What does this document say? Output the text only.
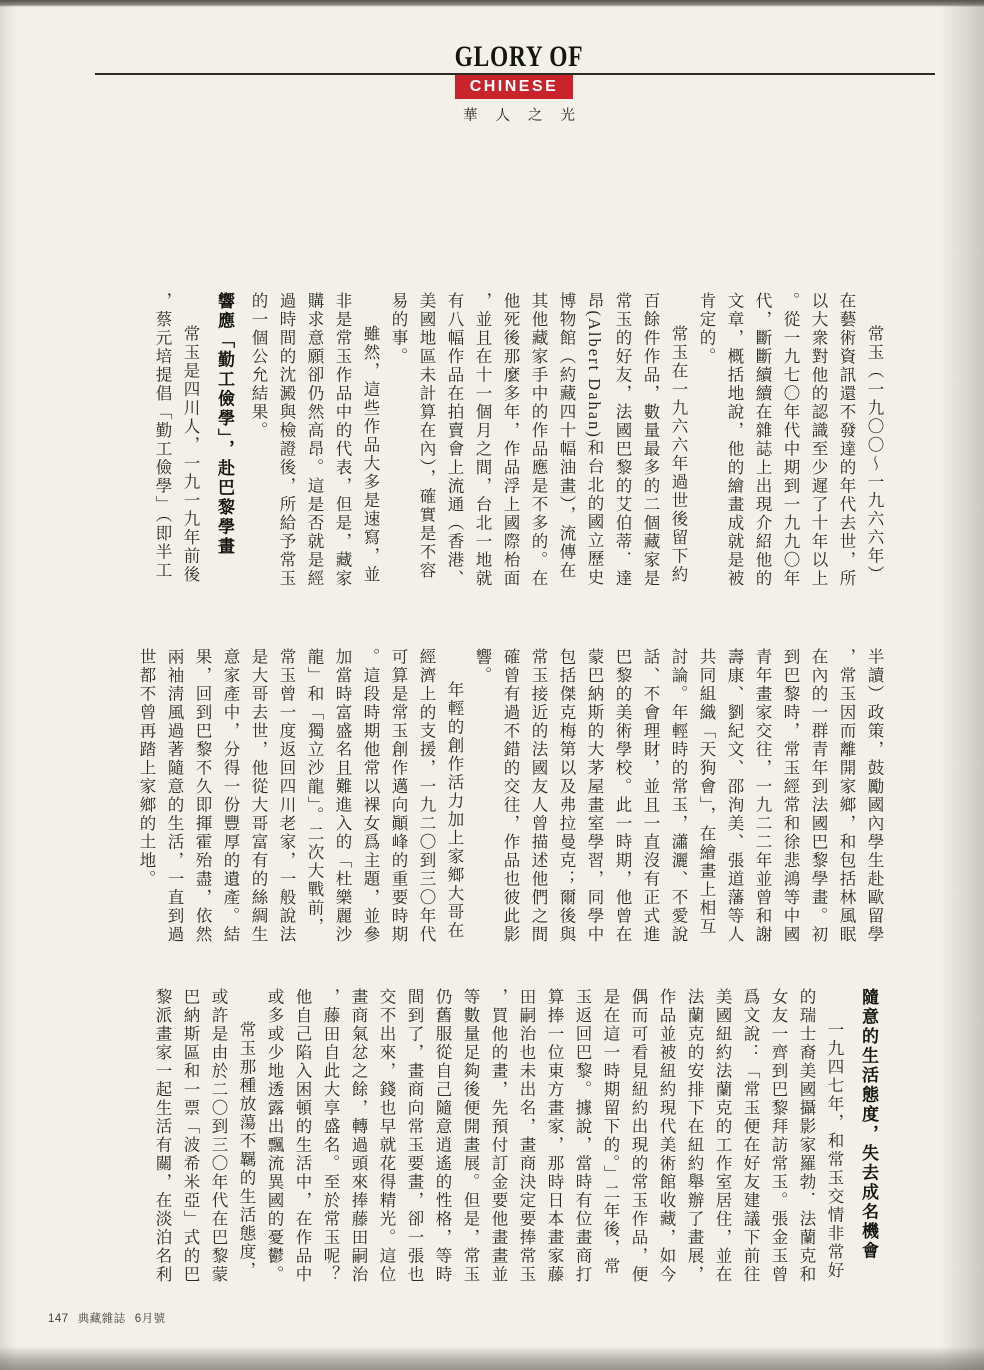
GLORY OF
CHINESE
華人之光

常玉（一九〇〇～一九六六年）在藝術資訊還不發達的年代去世，所以大衆對他的認識至少遲了十年以上。從一九七〇年代中期到一九九〇年代，斷斷續續在雜誌上出現介紹他的文章，概括地說，他的繪畫成就是被肯定的。

常玉在一九六六年過世後留下約百餘件作品，數量最多的二個藏家是常玉的好友，法國巴黎的艾伯蒂．達昂(Albert Dahan)和台北的國立歷史博物館（約藏四十幅油畫），流傳在其他藏家手中的作品應是不多的。在他死後那麼多年，作品浮上國際枱面，並且在十一個月之間，台北一地就有八幅作品在拍賣會上流通（香港、美國地區未計算在內），確實是不容易的事。

雖然，這些作品大多是速寫，並非是常玉作品中的代表，但是，藏家購求意願卻仍然高昂。這是否就是經過時間的沈澱與檢證後，所給予常玉的一個公允結果。

響應「勤工儉學」，赴巴黎學畫

常玉是四川人，一九一九年前後，蔡元培提倡「勤工儉學」（即半工

半讀）政策，鼓勵國內學生赴歐留學，常玉因而離開家鄉，和包括林風眠在內的一群青年到法國巴黎學畫。初到巴黎時，常玉經常和徐悲鴻等中國青年畫家交往，一九二二年並曾和謝壽康、劉紀文、邵洵美、張道藩等人共同組織「天狗會」，在繪畫上相互討論。年輕時的常玉，瀟灑、不愛說話、不會理財，並且一直沒有正式進巴黎的美術學校。此一時期，他曾在蒙巴納斯的大茅屋畫室學習，同學中包括傑克梅第以及弗拉曼克；爾後與常玉接近的法國友人曾描述他們之間確曾有過不錯的交往，作品也彼此影響。

年輕的創作活力加上家鄉大哥在經濟上的支援，一九二〇到三〇年代可算是常玉創作邁向顚峰的重要時期。這段時期他常以裸女爲主題，並參加當時富盛名且難進入的「杜樂麗沙龍」和「獨立沙龍」。二次大戰前，常玉曾一度返回四川老家，一般說法是大哥去世，他從大哥富有的絲綢生意家產中，分得一份豐厚的遺產。結果，回到巴黎不久即揮霍殆盡，依然兩袖淸風過著隨意的生活，一直到過世都不曾再踏上家鄉的土地。

隨意的生活態度，失去成名機會

一九四七年，和常玉交情非常好的瑞士裔美國攝影家羅勃．法蘭克和女友一齊到巴黎拜訪常玉。張金玉曾爲文說：「常玉便在好友建議下前往美國紐約法蘭克的工作室居住，並在法蘭克的安排下在紐約舉辦了畫展，作品並被紐約現代美術館收藏，如今偶而可看見紐約出現的常玉作品，便是在這一時期留下的。」二年後，常玉返回巴黎。據說，當時有位畫商打算捧一位東方畫家，那時日本畫家藤田嗣治也未出名，畫商決定要捧常玉，買他的畫，先預付訂金要他畫畫並等數量足夠後便開畫展。但是，常玉仍舊服從自己隨意逍遙的性格，等時間到了，畫商向常玉要畫，卻一張也交不出來，錢也早就花得精光。這位畫商氣忿之餘，轉過頭來捧藤田嗣治，藤田自此大享盛名。至於常玉呢？他自己陷入困頓的生活中，在作品中或多或少地透露出飄流異國的憂鬱。

常玉那種放蕩不羈的生活態度，或許是由於二〇到三〇年代在巴黎蒙巴納斯區和一票「波希米亞」式的巴黎派畫家一起生活有關，在淡泊名利

147 典藏雜誌 6月號
